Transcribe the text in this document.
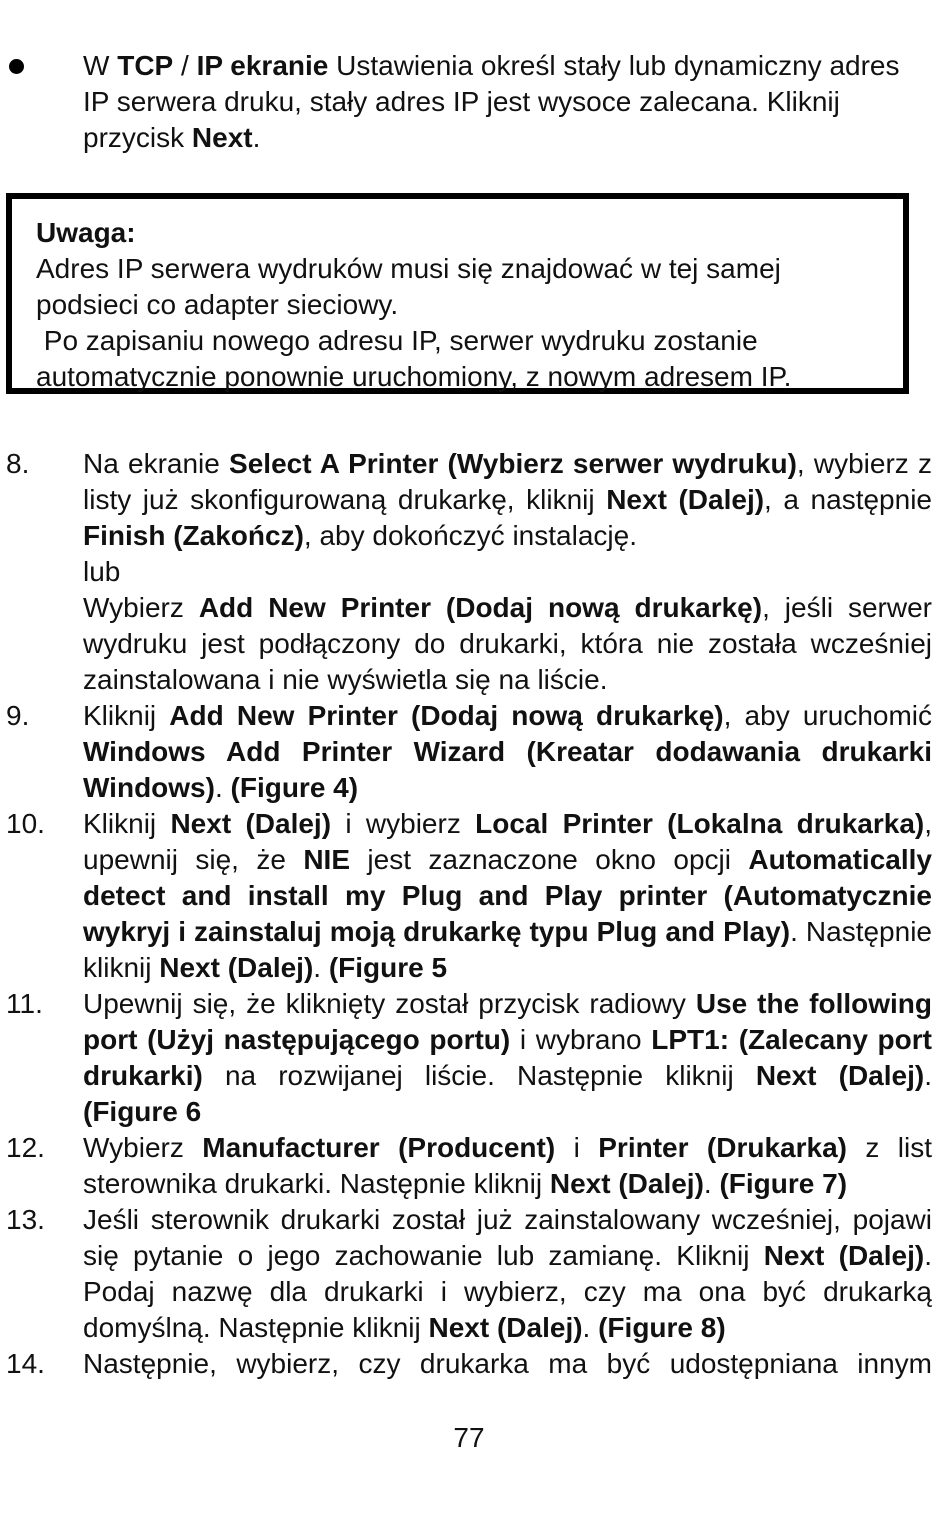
W TCP / IP ekranie Ustawienia określ stały lub dynamiczny adres IP serwera druku, stały adres IP jest wysoce zalecana. Kliknij przycisk Next.
Uwaga:
Adres IP serwera wydruków musi się znajdować w tej samej
podsieci co adapter sieciowy.
Po zapisaniu nowego adresu IP, serwer wydruku zostanie
automatycznie ponownie uruchomiony, z nowym adresem IP.
8. Na ekranie Select A Printer (Wybierz serwer wydruku), wybierz z listy już skonfigurowaną drukarkę, kliknij Next (Dalej), a następnie Finish (Zakończ), aby dokończyć instalację.

lub

Wybierz Add New Printer (Dodaj nową drukarkę), jeśli serwer wydruku jest podłączony do drukarki, która nie została wcześniej zainstalowana i nie wyświetla się na liście.

9. Kliknij Add New Printer (Dodaj nową drukarkę), aby uruchomić Windows Add Printer Wizard (Kreatar dodawania drukarki Windows). (Figure 4)

10. Kliknij Next (Dalej) i wybierz Local Printer (Lokalna drukarka), upewnij się, że NIE jest zaznaczone okno opcji Automatically detect and install my Plug and Play printer (Automatycznie wykryj i zainstaluj moją drukarkę typu Plug and Play). Następnie kliknij Next (Dalej). (Figure 5

11. Upewnij się, że kliknięty został przycisk radiowy Use the following port (Użyj następującego portu) i wybrano LPT1: (Zalecany port drukarki) na rozwijanej liście. Następnie kliknij Next (Dalej). (Figure 6

12. Wybierz Manufacturer (Producent) i Printer (Drukarka) z list sterownika drukarki. Następnie kliknij Next (Dalej). (Figure 7)

13. Jeśli sterownik drukarki został już zainstalowany wcześniej, pojawi się pytanie o jego zachowanie lub zamianę. Kliknij Next (Dalej). Podaj nazwę dla drukarki i wybierz, czy ma ona być drukarką domyślną. Następnie kliknij Next (Dalej). (Figure 8)

14. Następnie, wybierz, czy drukarka ma być udostępniana innym

77
